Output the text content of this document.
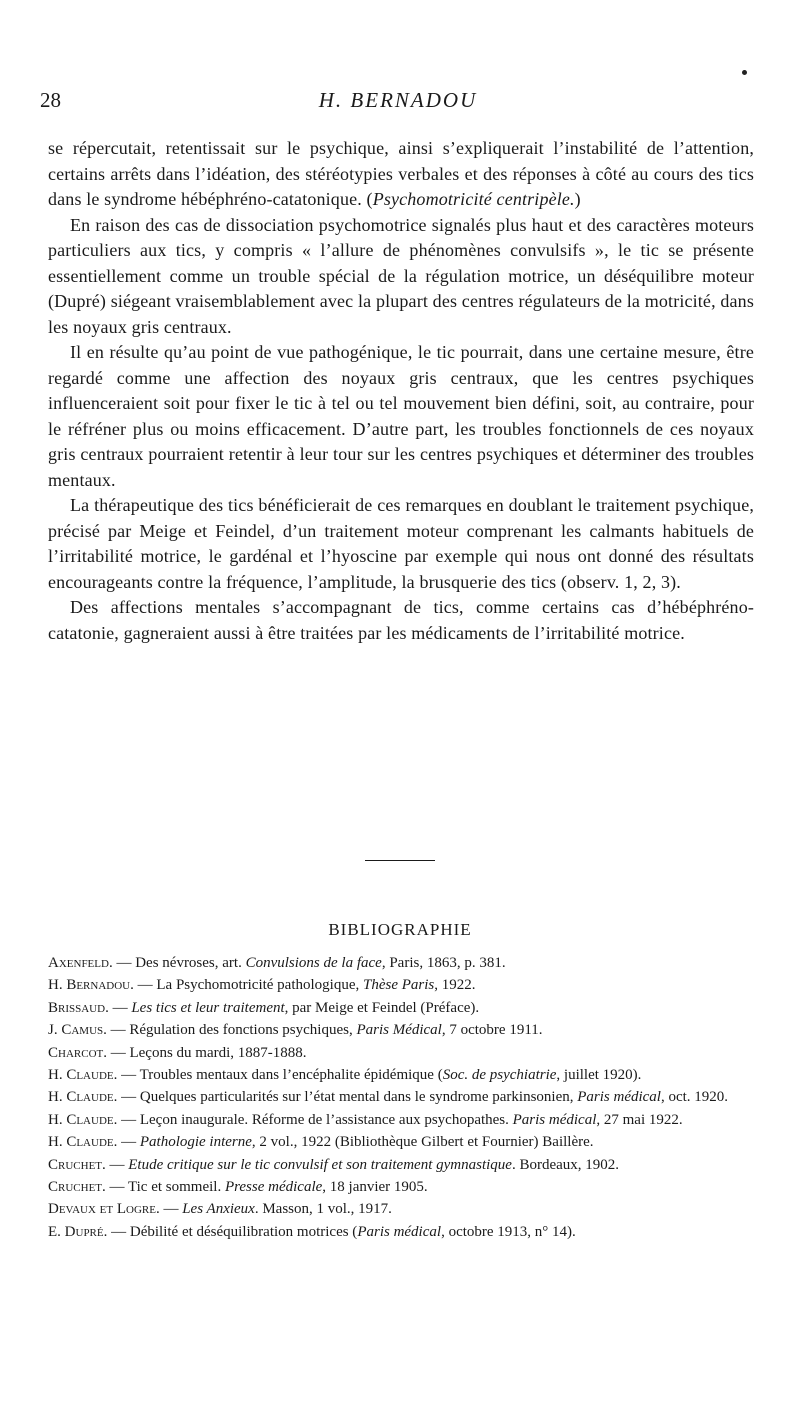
28	H. BERNADOU

se répercutait, retentissait sur le psychique, ainsi s’expliquerait l’instabilité de l’attention, certains arrêts dans l’idéation, des stéréotypies verbales et des réponses à côté au cours des tics dans le syndrome hébéphréno-catatonique. (Psychomotricité centripèle.)

En raison des cas de dissociation psychomotrice signalés plus haut et des caractères moteurs particuliers aux tics, y compris « l’allure de phénomènes convulsifs », le tic se présente essentiellement comme un trouble spécial de la régulation motrice, un déséquilibre moteur (Dupré) siégeant vraisemblablement avec la plupart des centres régulateurs de la motricité, dans les noyaux gris centraux.

Il en résulte qu’au point de vue pathogénique, le tic pourrait, dans une certaine mesure, être regardé comme une affection des noyaux gris centraux, que les centres psychiques influenceraient soit pour fixer le tic à tel ou tel mouvement bien défini, soit, au contraire, pour le réfréner plus ou moins efficacement. D’autre part, les troubles fonctionnels de ces noyaux gris centraux pourraient retentir à leur tour sur les centres psychiques et déterminer des troubles mentaux.

La thérapeutique des tics bénéficierait de ces remarques en doublant le traitement psychique, précisé par Meige et Feindel, d’un traitement moteur comprenant les calmants habituels de l’irritabilité motrice, le gardénal et l’hyoscine par exemple qui nous ont donné des résultats encourageants contre la fréquence, l’amplitude, la brusquerie des tics (observ. 1, 2, 3).

Des affections mentales s’accompagnant de tics, comme certains cas d’hébéphréno-catatonie, gagneraient aussi à être traitées par les médicaments de l’irritabilité motrice.

BIBLIOGRAPHIE
Axenfeld. — Des névroses, art. Convulsions de la face, Paris, 1863, p. 381.
H. Bernadou. — La Psychomotricité pathologique, Thèse Paris, 1922.
Brissaud. — Les tics et leur traitement, par Meige et Feindel (Préface).
J. Camus. — Régulation des fonctions psychiques, Paris Médical, 7 octobre 1911.
Charcot. — Leçons du mardi, 1887-1888.
H. Claude. — Troubles mentaux dans l’encéphalite épidémique (Soc. de psychiatrie, juillet 1920).
H. Claude. — Quelques particularités sur l’état mental dans le syndrome parkinsonien, Paris médical, oct. 1920.
H. Claude. — Leçon inaugurale. Réforme de l’assistance aux psychopathes. Paris médical, 27 mai 1922.
H. Claude. — Pathologie interne, 2 vol., 1922 (Bibliothèque Gilbert et Fournier) Baillère.
Cruchet. — Etude critique sur le tic convulsif et son traitement gymnastique. Bordeaux, 1902.
Cruchet. — Tic et sommeil. Presse médicale, 18 janvier 1905.
Devaux et Logre. — Les Anxieux. Masson, 1 vol., 1917.
E. Dupré. — Débilité et déséquilibration motrices (Paris médical, octobre 1913, n° 14).
